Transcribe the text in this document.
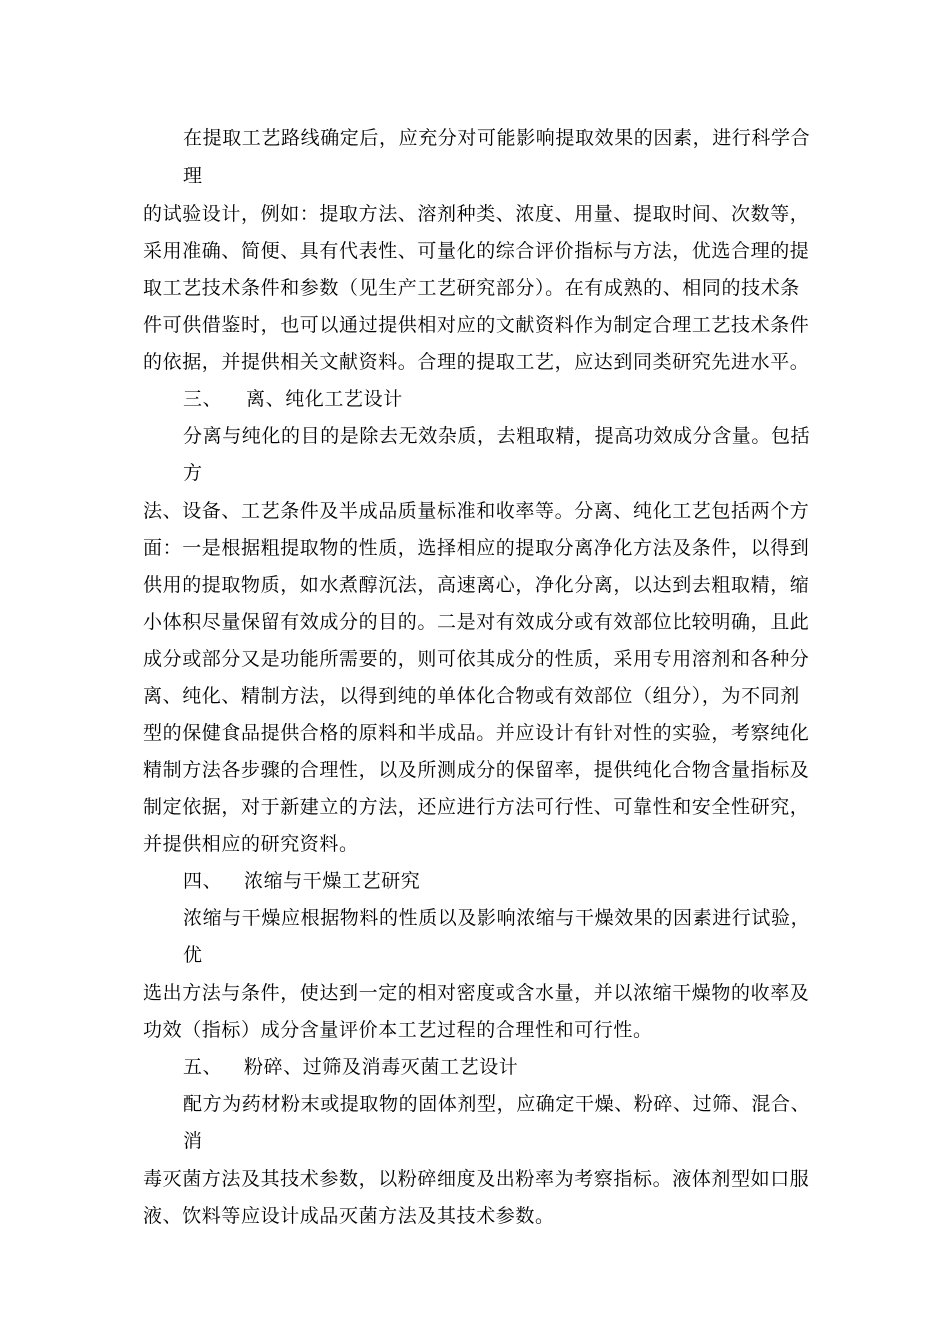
在提取工艺路线确定后，应充分对可能影响提取效果的因素，进行科学合
理
的试验设计，例如：提取方法、溶剂种类、浓度、用量、提取时间、次数等，
采用准确、简便、具有代表性、可量化的综合评价指标与方法，优选合理的提
取工艺技术条件和参数（见生产工艺研究部分）。在有成熟的、相同的技术条
件可供借鉴时，也可以通过提供相对应的文献资料作为制定合理工艺技术条件
的依据，并提供相关文献资料。合理的提取工艺，应达到同类研究先进水平。
三、 离、纯化工艺设计
分离与纯化的目的是除去无效杂质，去粗取精，提高功效成分含量。包括
方
法、设备、工艺条件及半成品质量标准和收率等。分离、纯化工艺包括两个方
面：一是根据粗提取物的性质，选择相应的提取分离净化方法及条件，以得到
供用的提取物质，如水煮醇沉法，高速离心，净化分离，以达到去粗取精，缩
小体积尽量保留有效成分的目的。二是对有效成分或有效部位比较明确，且此
成分或部分又是功能所需要的，则可依其成分的性质，采用专用溶剂和各种分
离、纯化、精制方法，以得到纯的单体化合物或有效部位（组分），为不同剂
型的保健食品提供合格的原料和半成品。并应设计有针对性的实验，考察纯化
精制方法各步骤的合理性，以及所测成分的保留率，提供纯化合物含量指标及
制定依据，对于新建立的方法，还应进行方法可行性、可靠性和安全性研究，
并提供相应的研究资料。
四、 浓缩与干燥工艺研究
浓缩与干燥应根据物料的性质以及影响浓缩与干燥效果的因素进行试验，
优
选出方法与条件，使达到一定的相对密度或含水量，并以浓缩干燥物的收率及
功效（指标）成分含量评价本工艺过程的合理性和可行性。
五、 粉碎、过筛及消毒灭菌工艺设计
配方为药材粉末或提取物的固体剂型，应确定干燥、粉碎、过筛、混合、
消
毒灭菌方法及其技术参数，以粉碎细度及出粉率为考察指标。液体剂型如口服
液、饮料等应设计成品灭菌方法及其技术参数。
